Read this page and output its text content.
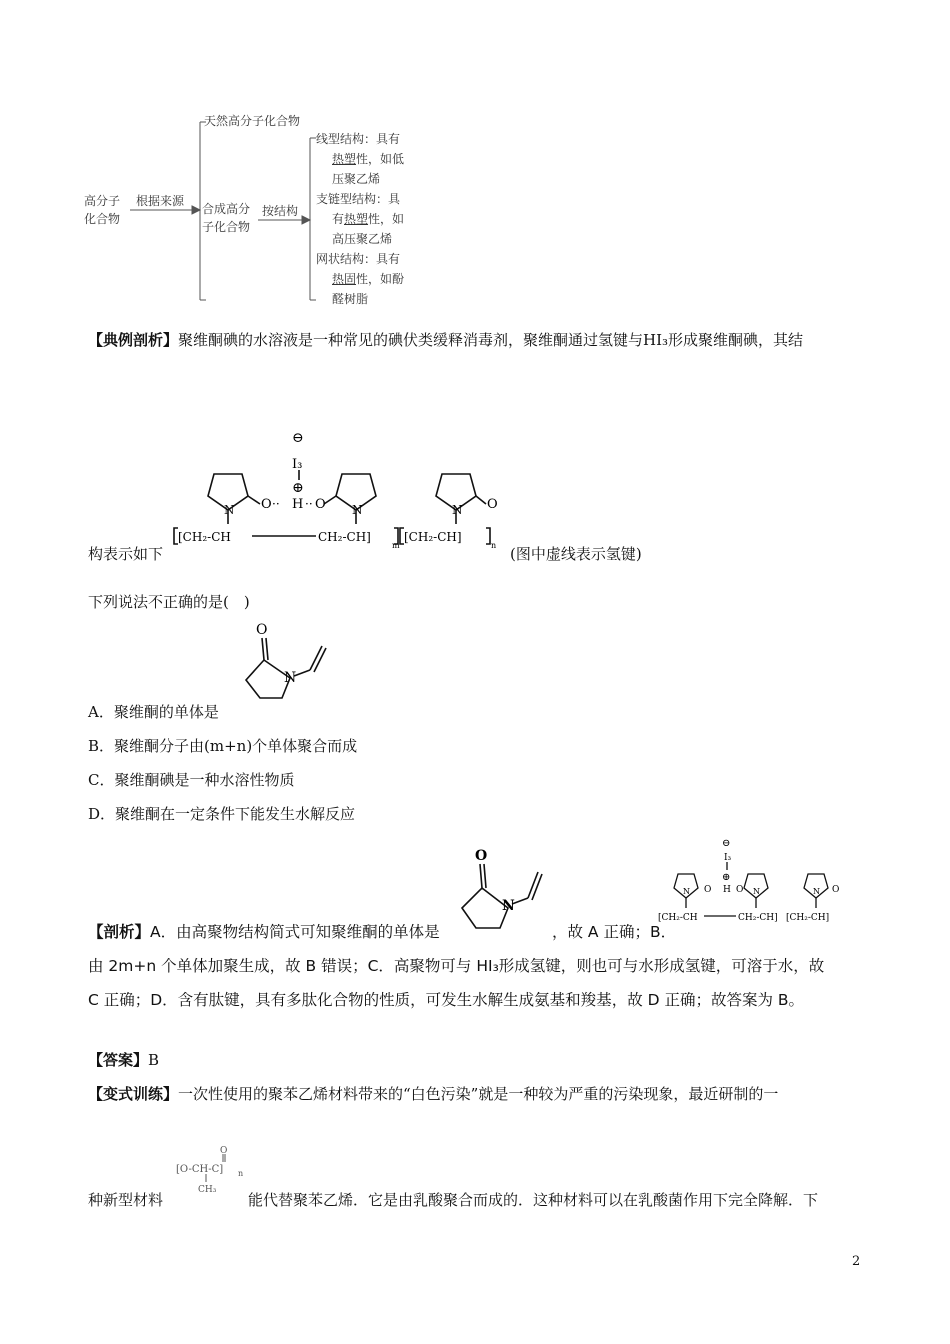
高分子
化合物
根据来源
天然高分子化合物
合成高分
子化合物
按结构
线型结构：具有
热塑性，如低
压聚乙烯
支链型结构：具
有热塑性，如
高压聚乙烯
网状结构：具有
热固性，如酚
醛树脂
【典例剖析】聚维酮碘的水溶液是一种常见的碘伏类缓释消毒剂，聚维酮通过氢键与HI₃形成聚维酮碘，其结
⊖
I₃
⊕
O ·· H ·· O	O
N	N	N
[CH₂-CH	CH₂-CH]
m
[CH₂-CH]
n
构表示如下	(图中虚线表示氢键)
下列说法不正确的是(　)
O
N
A．聚维酮的单体是
B．聚维酮分子由(m+n)个单体聚合而成
C．聚维酮碘是一种水溶性物质
D．聚维酮在一定条件下能发生水解反应
O
N
⊖
I₃
⊕
O H O	O
N	N	N
[CH₂-CH	CH₂-CH] [CH₂-CH]
【剖析】A．由高聚物结构简式可知聚维酮的单体是	，故 A 正确；B．
由 2m+n 个单体加聚生成，故 B 错误；C．高聚物可与 HI₃形成氢键，则也可与水形成氢键，可溶于水，故
C 正确；D．含有肽键，具有多肽化合物的性质，可发生水解生成氨基和羧基，故 D 正确；故答案为 B。
【答案】B
【变式训练】一次性使用的聚苯乙烯材料带来的“白色污染”就是一种较为严重的污染现象，最近研制的一
O
[O-CH-C] n
CH₃
种新型材料	能代替聚苯乙烯．它是由乳酸聚合而成的．这种材料可以在乳酸菌作用下完全降解．下
2
